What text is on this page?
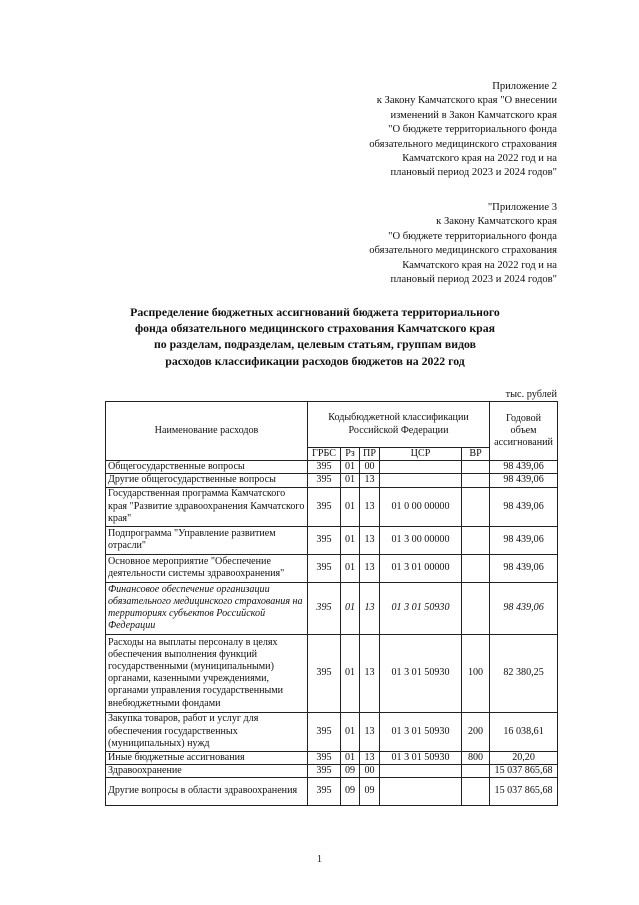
Приложение 2
к Закону Камчатского края "О внесении
изменений в Закон Камчатского края
"О бюджете территориального фонда
обязательного медицинского страхования
Камчатского края на 2022 год и на
плановый период 2023 и 2024 годов"
"Приложение 3
к Закону Камчатского края
"О бюджете территориального фонда
обязательного медицинского страхования
Камчатского края на 2022 год и на
плановый период 2023 и 2024 годов"
Распределение бюджетных ассигнований бюджета территориального
фонда обязательного медицинского страхования Камчатского края
по разделам, подразделам, целевым статьям, группам видов
расходов классификации расходов бюджетов на 2022 год
тыс. рублей
Наименование расходов	Кодыбюджетной классификации Российской Федерации					Годовой объем ассигнований
	ГРБС	Рз	ПР	ЦСР	ВР	
Общегосударственные вопросы	395	01	00			98 439,06
Другие общегосударственные вопросы	395	01	13			98 439,06
Государственная программа Камчатского края "Развитие здравоохранения Камчатского края"	395	01	13	01 0 00 00000		98 439,06
Подпрограмма "Управление развитием отрасли"	395	01	13	01 3 00 00000		98 439,06
Основное мероприятие "Обеспечение деятельности системы здравоохранения"	395	01	13	01 3 01 00000		98 439,06
Финансовое обеспечение организации обязательного медицинского страхования на территориях субъектов Российской Федерации	395	01	13	01 3 01 50930		98 439,06
Расходы на выплаты персоналу в целях обеспечения выполнения функций государственными (муниципальными) органами, казенными учреждениями, органами управления государственными внебюджетными фондами	395	01	13	01 3 01 50930	100	82 380,25
Закупка товаров, работ и услуг для обеспечения государственных (муниципальных) нужд	395	01	13	01 3 01 50930	200	16 038,61
Иные бюджетные ассигнования	395	01	13	01 3 01 50930	800	20,20
Здравоохранение	395	09	00			15 037 865,68
Другие вопросы в области здравоохранения	395	09	09			15 037 865,68
1
